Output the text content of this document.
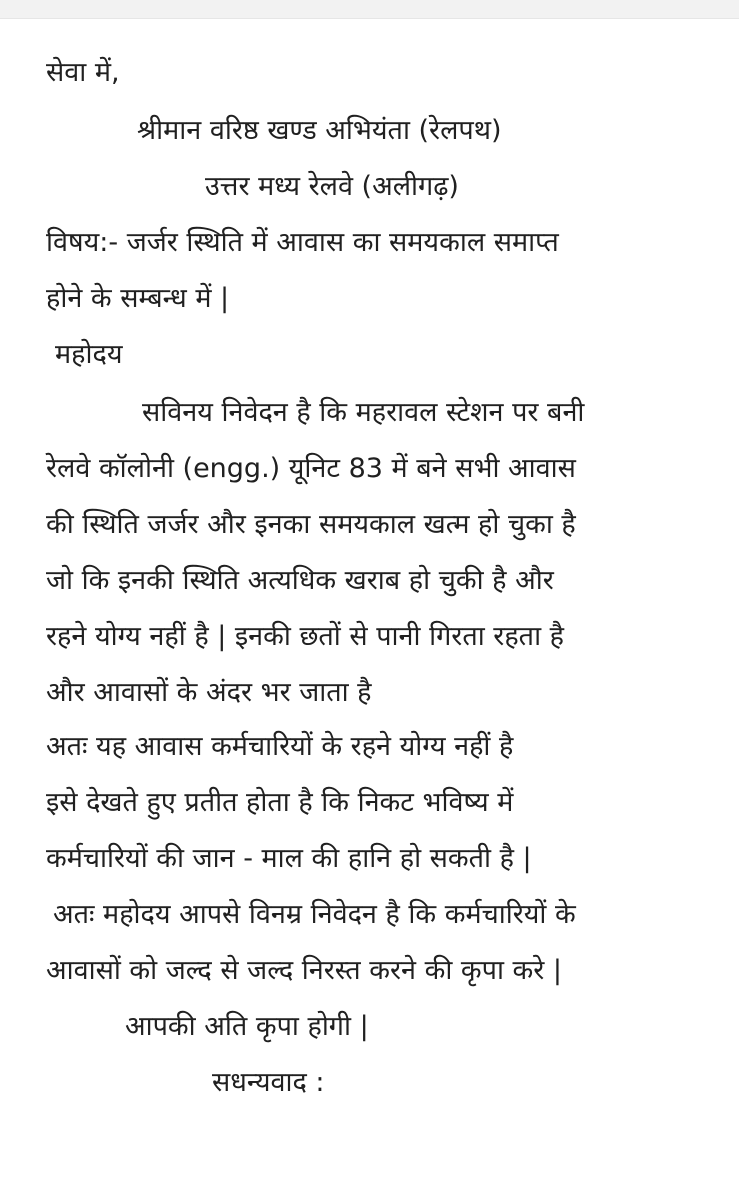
सेवा में,
श्रीमान वरिष्ठ खण्ड अभियंता (रेलपथ)
उत्तर मध्य रेलवे (अलीगढ़)
विषय:- जर्जर स्थिति में आवास का समयकाल समाप्त
होने के सम्बन्ध में |
महोदय
सविनय निवेदन है कि महरावल स्टेशन पर बनी
रेलवे कॉलोनी (engg.) यूनिट 83 में बने सभी आवास
की स्थिति जर्जर और इनका समयकाल खत्म हो चुका है
जो कि इनकी स्थिति अत्यधिक खराब हो चुकी है और
रहने योग्य नहीं है | इनकी छतों से पानी गिरता रहता है
और आवासों के अंदर भर जाता है
अतः यह आवास कर्मचारियों के रहने योग्य नहीं है
इसे देखते हुए प्रतीत होता है कि निकट भविष्य में
कर्मचारियों की जान - माल की हानि हो सकती है |
अतः महोदय आपसे विनम्र निवेदन है कि कर्मचारियों के
आवासों को जल्द से जल्द निरस्त करने की कृपा करे |
आपकी अति कृपा होगी |
सधन्यवाद :
